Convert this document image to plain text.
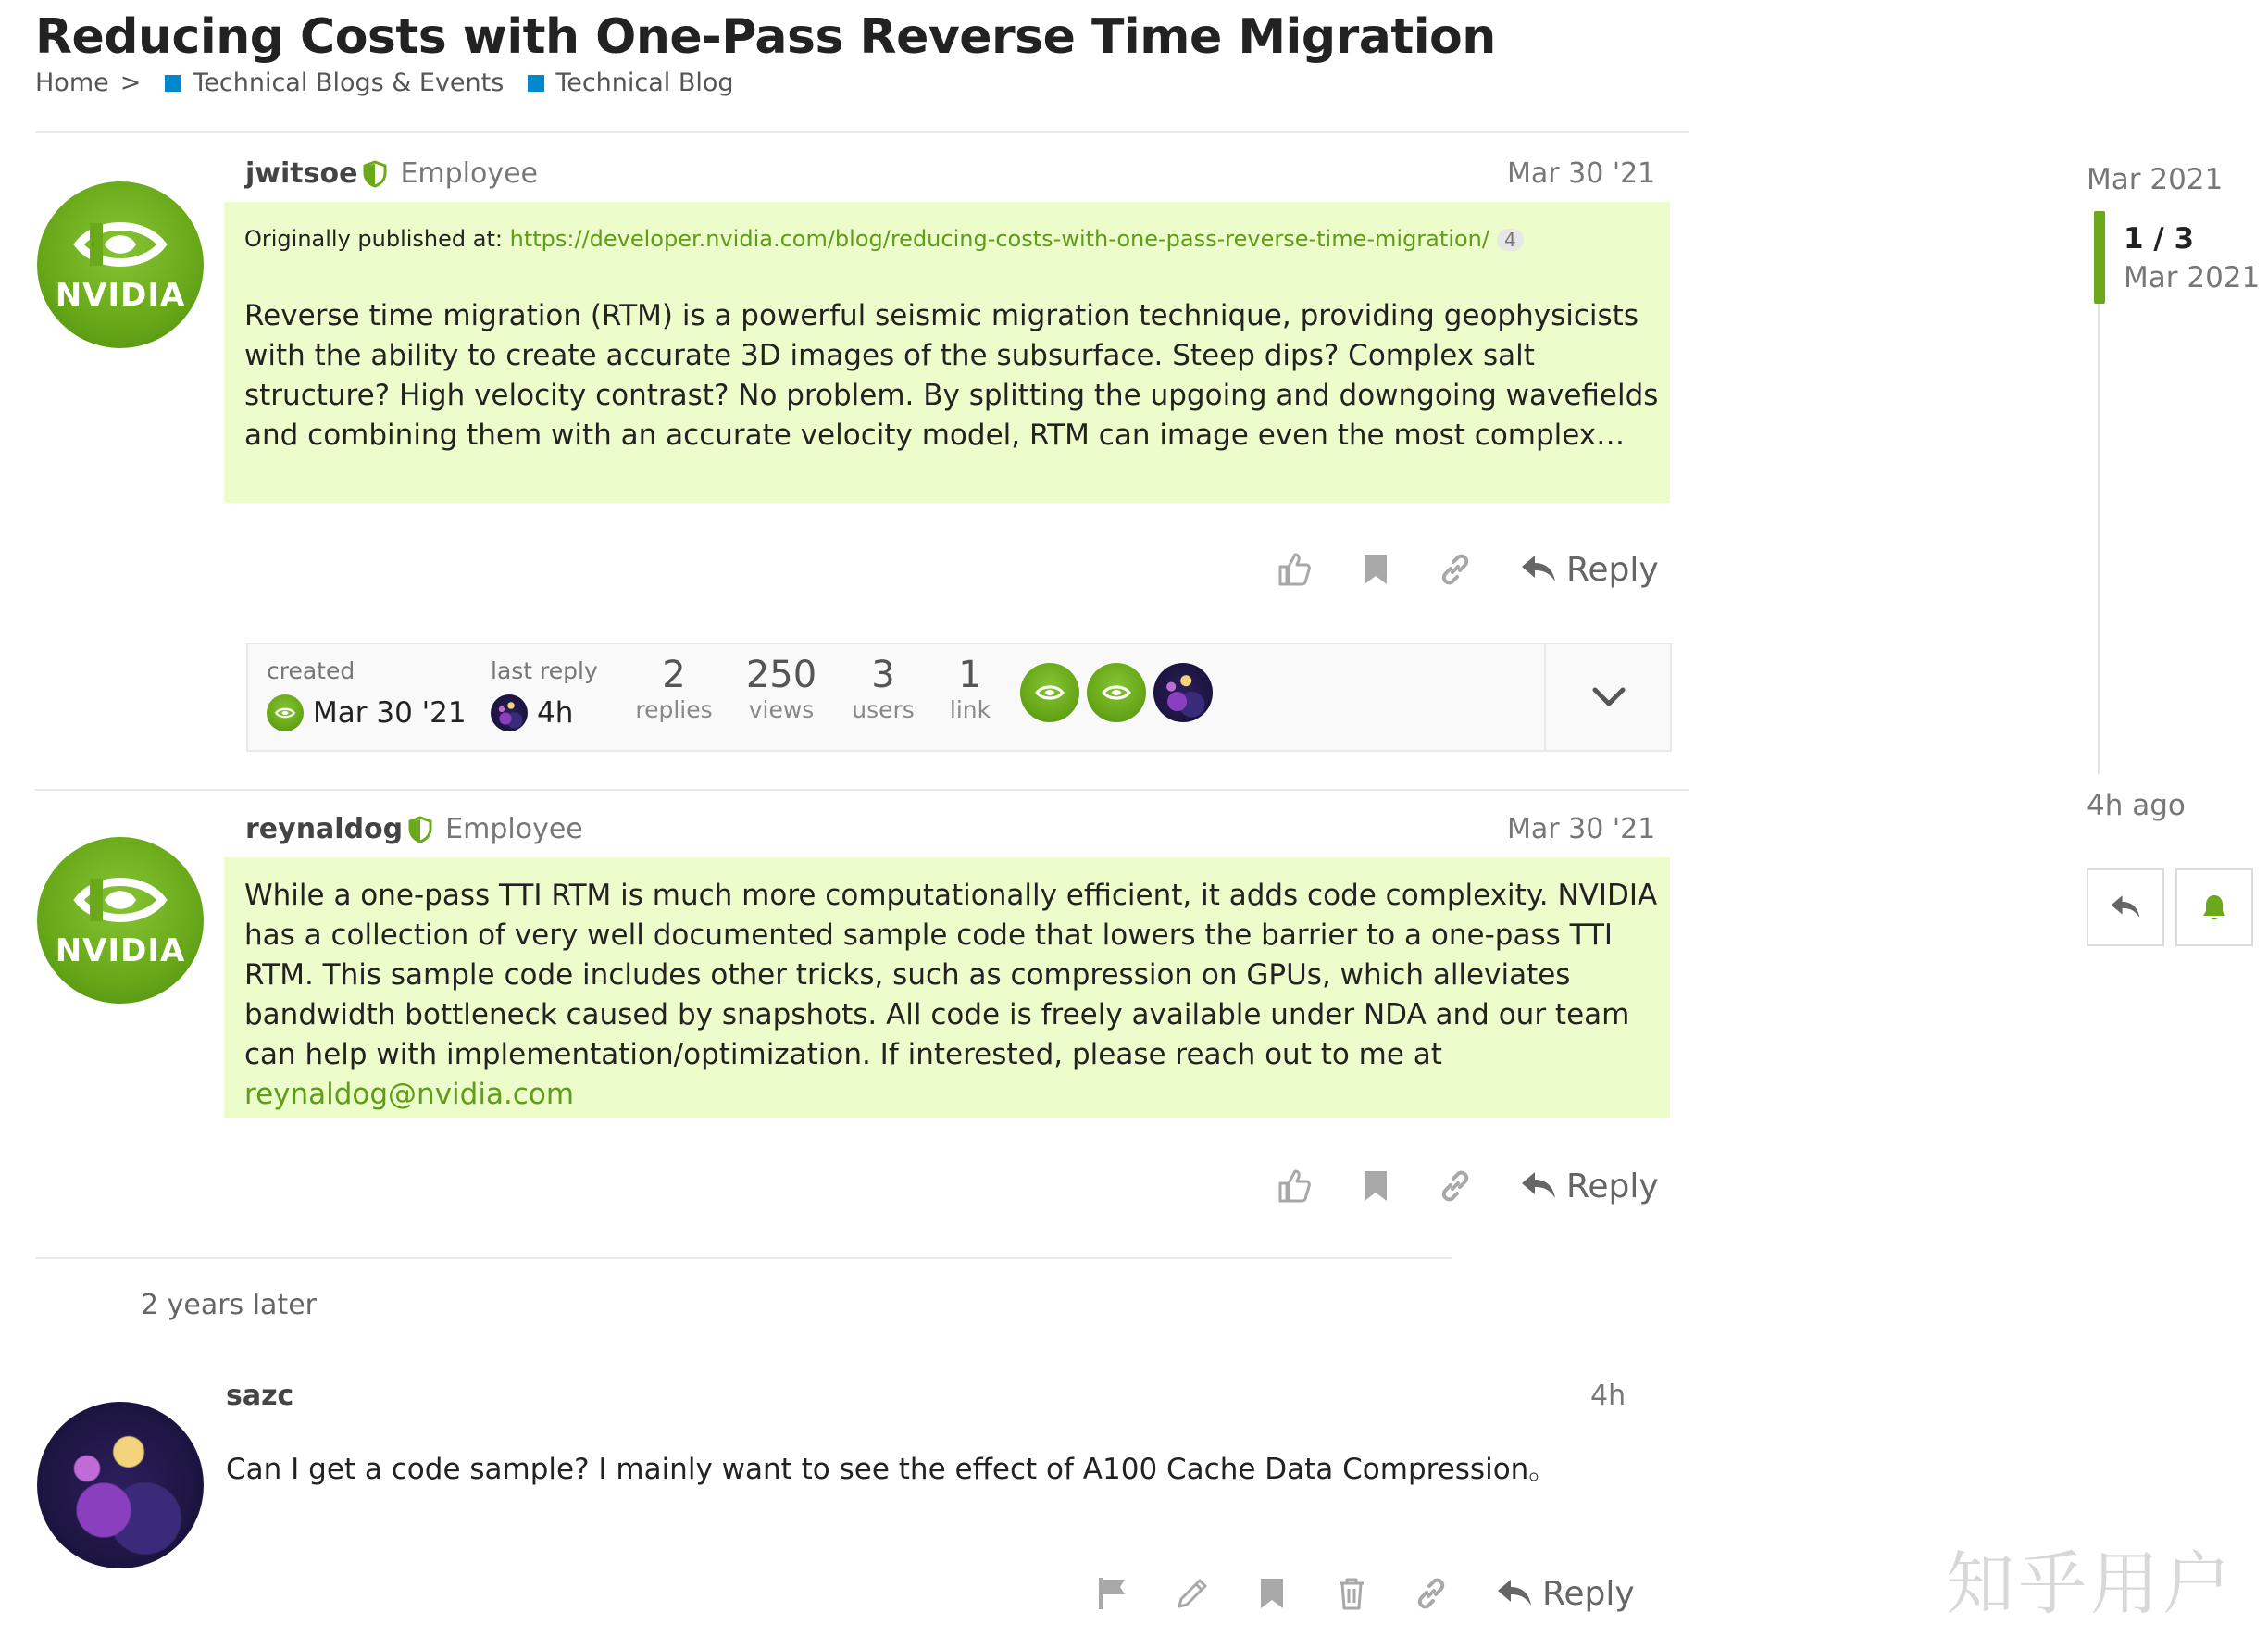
Reducing Costs with One-Pass Reverse Time Migration
Home > Technical Blogs & Events Technical Blog
NVIDIA
jwitsoe Employee	Mar 30 '21
Originally published at: https://developer.nvidia.com/blog/reducing-costs-with-one-pass-reverse-time-migration/ 4
Reverse time migration (RTM) is a powerful seismic migration technique, providing geophysicists with the ability to create accurate 3D images of the subsurface. Steep dips? Complex salt structure? High velocity contrast? No problem. By splitting the upgoing and downgoing wavefields and combining them with an accurate velocity model, RTM can image even the most complex…
Reply
created
Mar 30 '21
last reply
4h
2
replies
250
views
3
users
1
link
NVIDIA
reynaldog Employee	Mar 30 '21
While a one-pass TTI RTM is much more computationally efficient, it adds code complexity. NVIDIA has a collection of very well documented sample code that lowers the barrier to a one-pass TTI RTM. This sample code includes other tricks, such as compression on GPUs, which alleviates bandwidth bottleneck caused by snapshots. All code is freely available under NDA and our team can help with implementation/optimization. If interested, please reach out to me at reynaldog@nvidia.com
Reply
2 years later
sazc	4h
Can I get a code sample? I mainly want to see the effect of A100 Cache Data Compression。
Reply
Mar 2021
1 / 3
Mar 2021
4h ago
知乎用户
